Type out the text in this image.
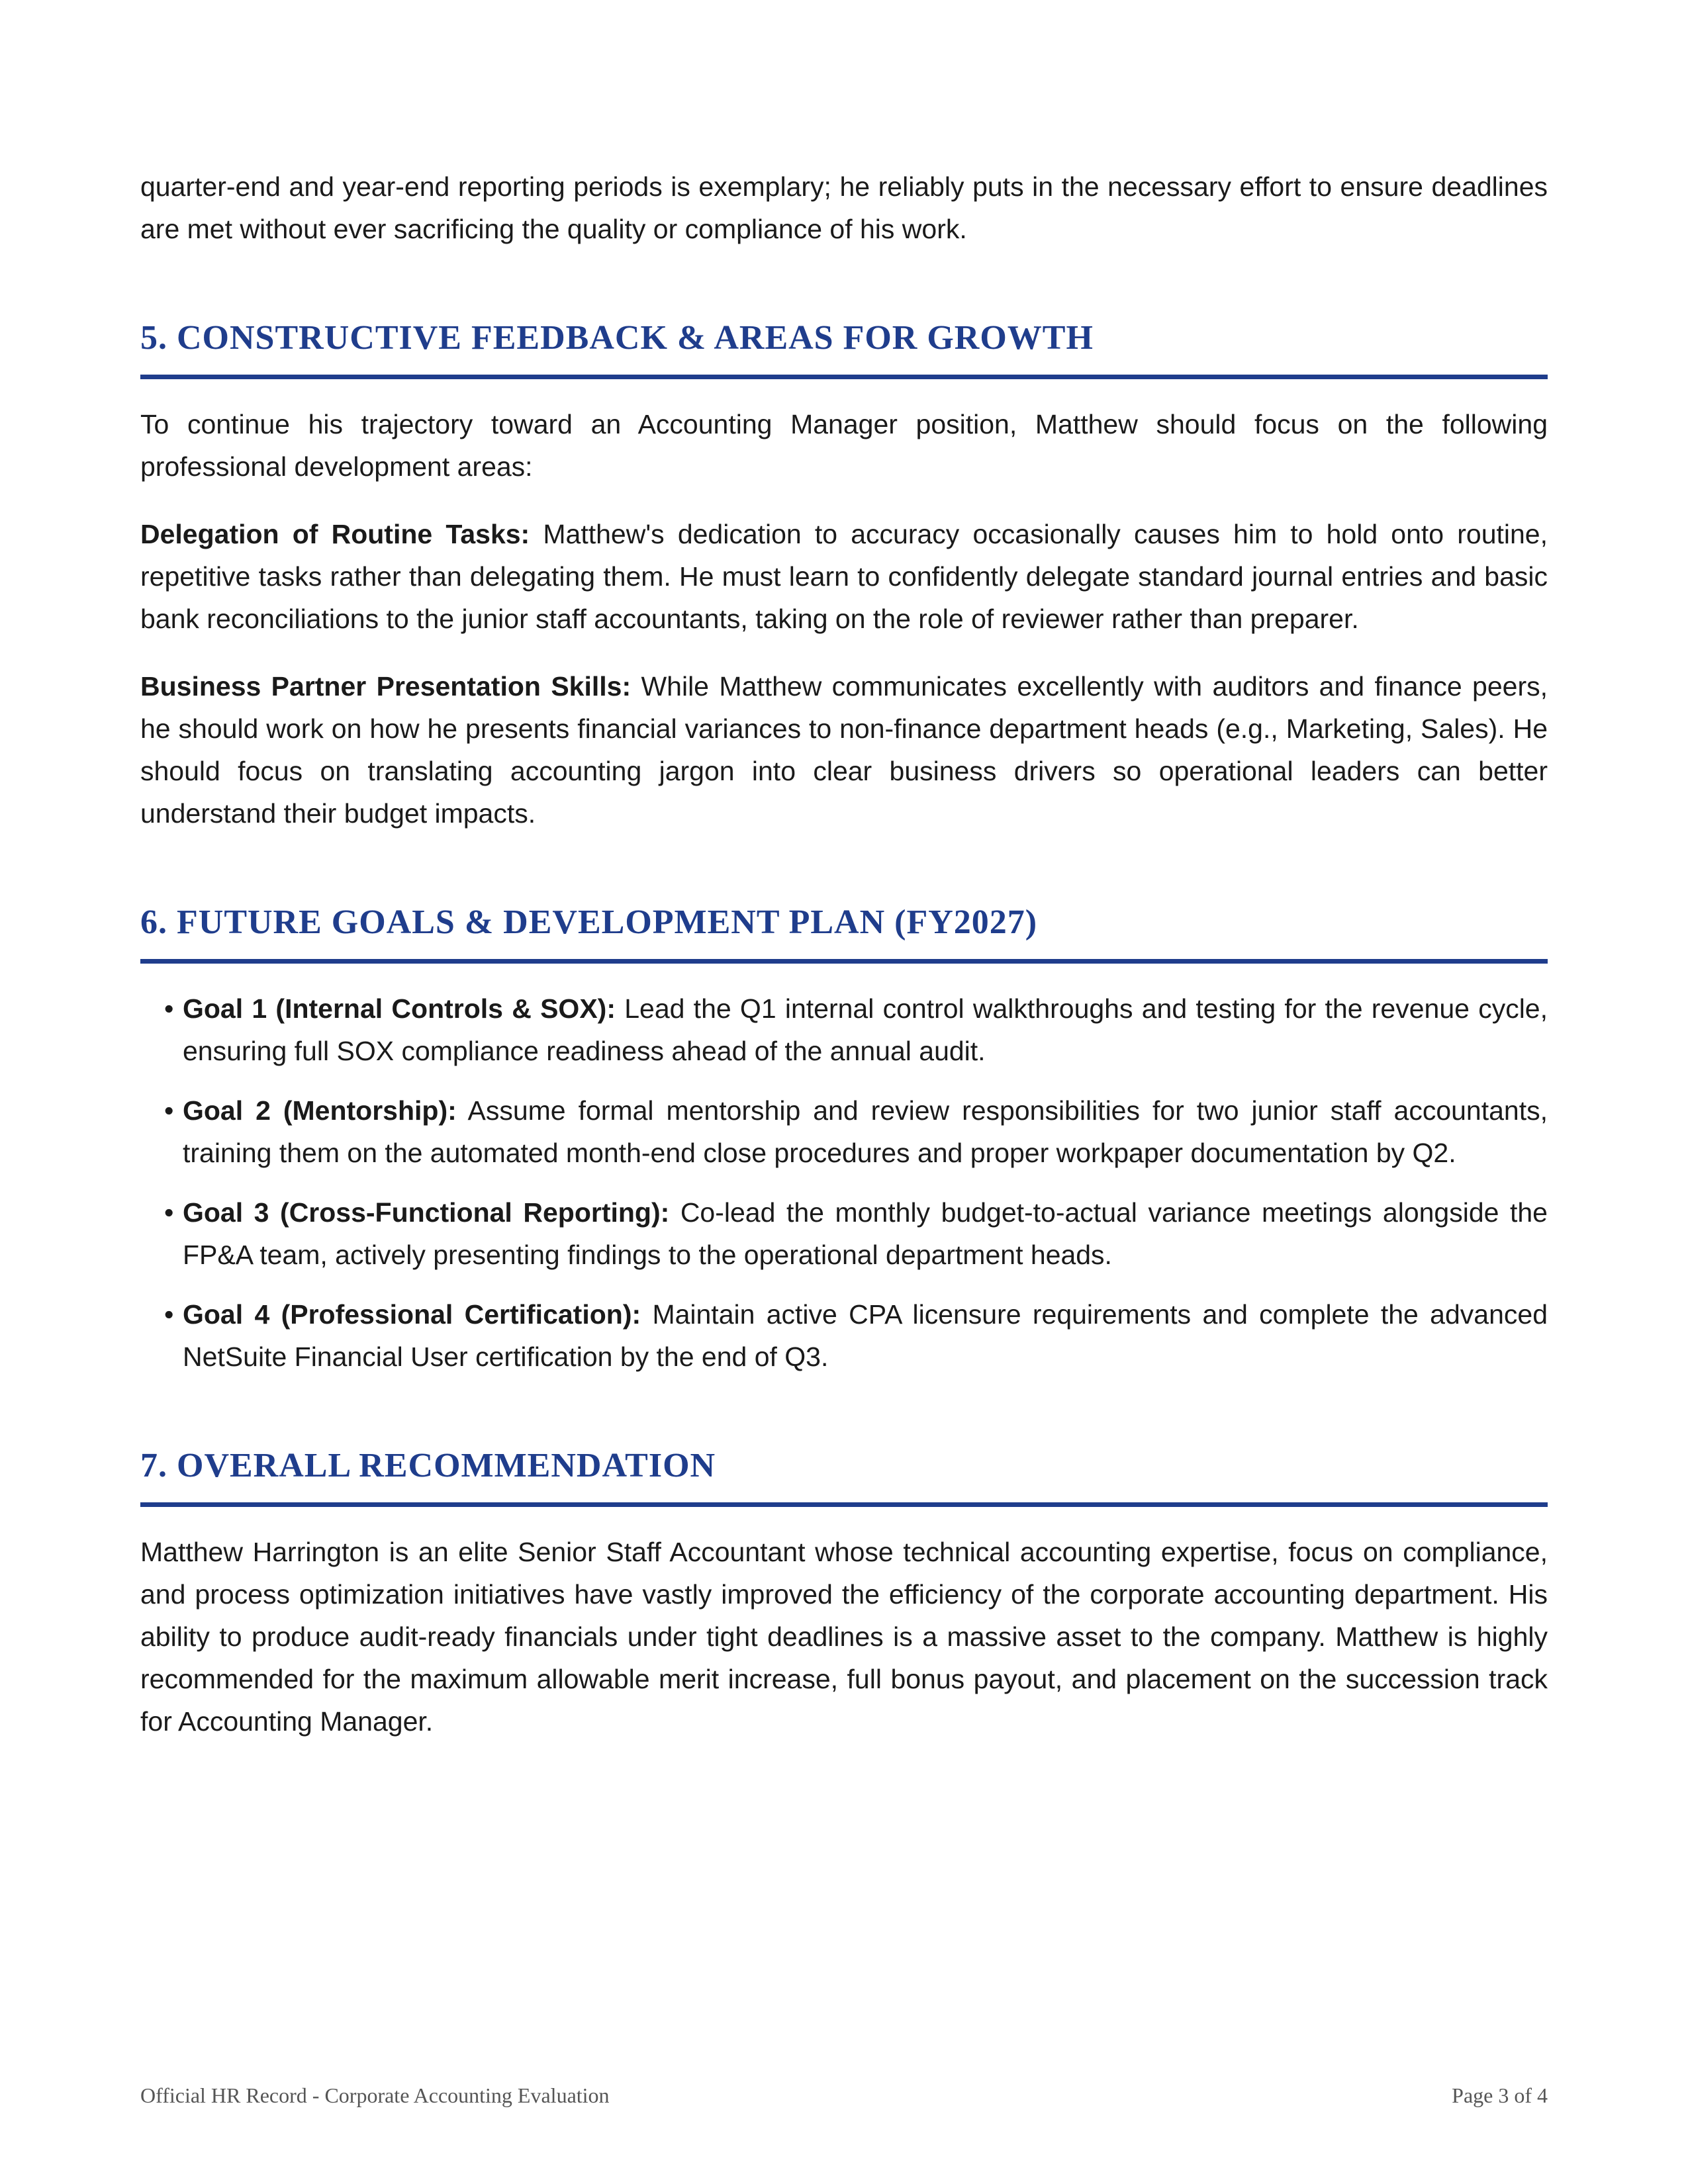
quarter-end and year-end reporting periods is exemplary; he reliably puts in the necessary effort to ensure deadlines are met without ever sacrificing the quality or compliance of his work.

5. CONSTRUCTIVE FEEDBACK & AREAS FOR GROWTH

To continue his trajectory toward an Accounting Manager position, Matthew should focus on the following professional development areas:

Delegation of Routine Tasks: Matthew's dedication to accuracy occasionally causes him to hold onto routine, repetitive tasks rather than delegating them. He must learn to confidently delegate standard journal entries and basic bank reconciliations to the junior staff accountants, taking on the role of reviewer rather than preparer.

Business Partner Presentation Skills: While Matthew communicates excellently with auditors and finance peers, he should work on how he presents financial variances to non-finance department heads (e.g., Marketing, Sales). He should focus on translating accounting jargon into clear business drivers so operational leaders can better understand their budget impacts.

6. FUTURE GOALS & DEVELOPMENT PLAN (FY2027)
• Goal 1 (Internal Controls & SOX): Lead the Q1 internal control walkthroughs and testing for the revenue cycle, ensuring full SOX compliance readiness ahead of the annual audit.
• Goal 2 (Mentorship): Assume formal mentorship and review responsibilities for two junior staff accountants, training them on the automated month-end close procedures and proper workpaper documentation by Q2.
• Goal 3 (Cross-Functional Reporting): Co-lead the monthly budget-to-actual variance meetings alongside the FP&A team, actively presenting findings to the operational department heads.
• Goal 4 (Professional Certification): Maintain active CPA licensure requirements and complete the advanced NetSuite Financial User certification by the end of Q3.
7. OVERALL RECOMMENDATION

Matthew Harrington is an elite Senior Staff Accountant whose technical accounting expertise, focus on compliance, and process optimization initiatives have vastly improved the efficiency of the corporate accounting department. His ability to produce audit-ready financials under tight deadlines is a massive asset to the company. Matthew is highly recommended for the maximum allowable merit increase, full bonus payout, and placement on the succession track for Accounting Manager.

Official HR Record - Corporate Accounting Evaluation	Page 3 of 4
